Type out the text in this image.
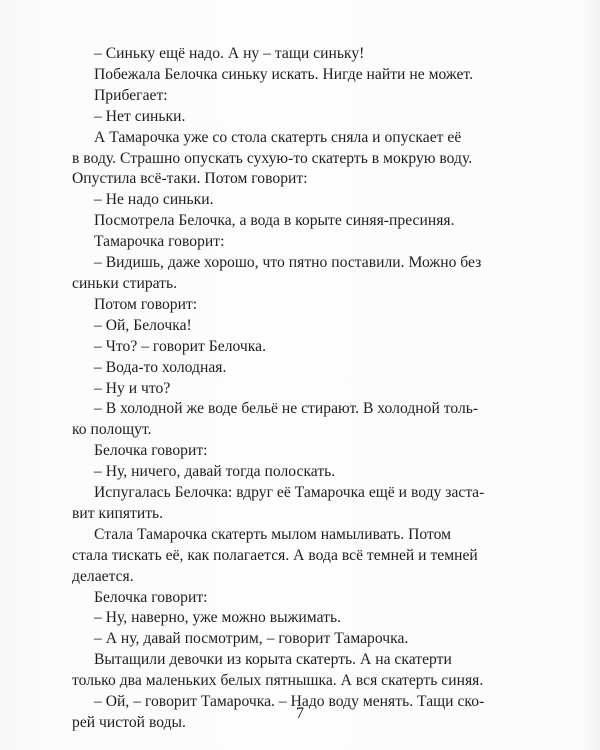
– Синьку ещё надо. А ну – тащи синьку!

Побежала Белочка синьку искать. Нигде найти не может.

Прибегает:

– Нет синьки.

А Тамарочка уже со стола скатерть сняла и опускает её
в воду. Страшно опускать сухую-то скатерть в мокрую воду.
Опустила всё-таки. Потом говорит:

– Не надо синьки.

Посмотрела Белочка, а вода в корыте синяя-пресиняя.

Тамарочка говорит:

– Видишь, даже хорошо, что пятно поставили. Можно без
синьки стирать.

Потом говорит:

– Ой, Белочка!

– Что? – говорит Белочка.

– Вода-то холодная.

– Ну и что?

– В холодной же воде бельё не стирают. В холодной толь-
ко полощут.

Белочка говорит:

– Ну, ничего, давай тогда полоскать.

Испугалась Белочка: вдруг её Тамарочка ещё и воду застa-
вит кипятить.

Стала Тамарочка скатерть мылом намыливать. Потом
стала тискать её, как полагается. А вода всё темней и темней
делается.

Белочка говорит:

– Ну, наверно, уже можно выжимать.

– А ну, давай посмотрим, – говорит Тамарочка.

Вытащили девочки из корыта скатерть. А на скатерти
только два маленьких белых пятнышка. А вся скатерть синяя.

– Ой, – говорит Тамарочка. – Надо воду менять. Тащи ско-
рей чистой воды.

7
